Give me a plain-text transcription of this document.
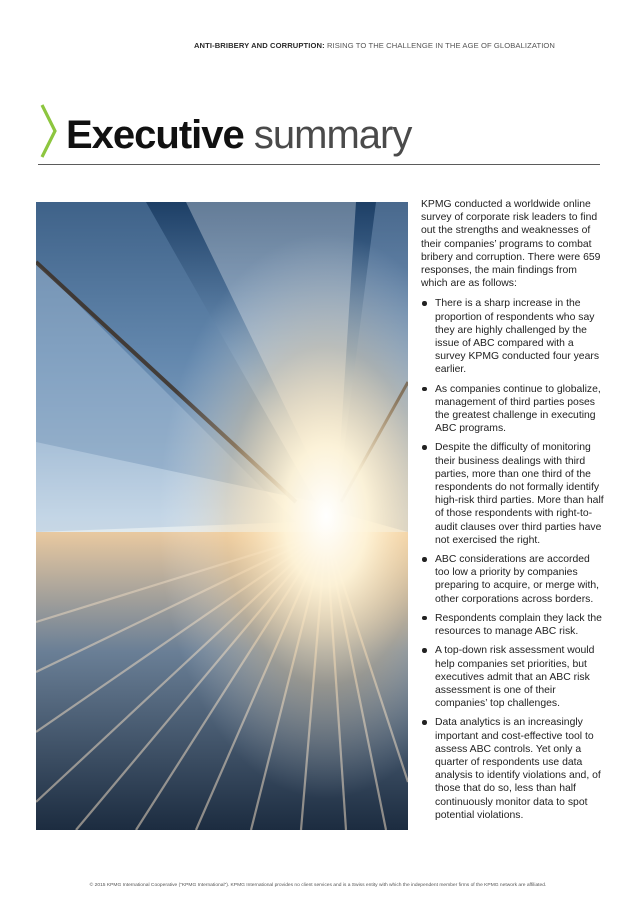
ANTI-BRIBERY AND CORRUPTION: RISING TO THE CHALLENGE IN THE AGE OF GLOBALIZATION
Executive summary

KPMG conducted a worldwide online survey of corporate risk leaders to find out the strengths and weaknesses of their companies’ programs to combat bribery and corruption. There were 659 responses, the main findings from which are as follows:

There is a sharp increase in the proportion of respondents who say they are highly challenged by the issue of ABC compared with a survey KPMG conducted four years earlier.
As companies continue to globalize, management of third parties poses the greatest challenge in executing ABC programs.
Despite the difficulty of monitoring their business dealings with third parties, more than one third of the respondents do not formally identify high-risk third parties. More than half of those respondents with right-to-audit clauses over third parties have not exercised the right.
ABC considerations are accorded too low a priority by companies preparing to acquire, or merge with, other corporations across borders.
Respondents complain they lack the resources to manage ABC risk.
A top-down risk assessment would help companies set priorities, but executives admit that an ABC risk assessment is one of their companies’ top challenges.
Data analytics is an increasingly important and cost-effective tool to assess ABC controls. Yet only a quarter of respondents use data analysis to identify violations and, of those that do so, less than half continuously monitor data to spot potential violations.
© 2015 KPMG International Cooperative (“KPMG International”). KPMG International provides no client services and is a Swiss entity with which the independent member firms of the KPMG network are affiliated.
